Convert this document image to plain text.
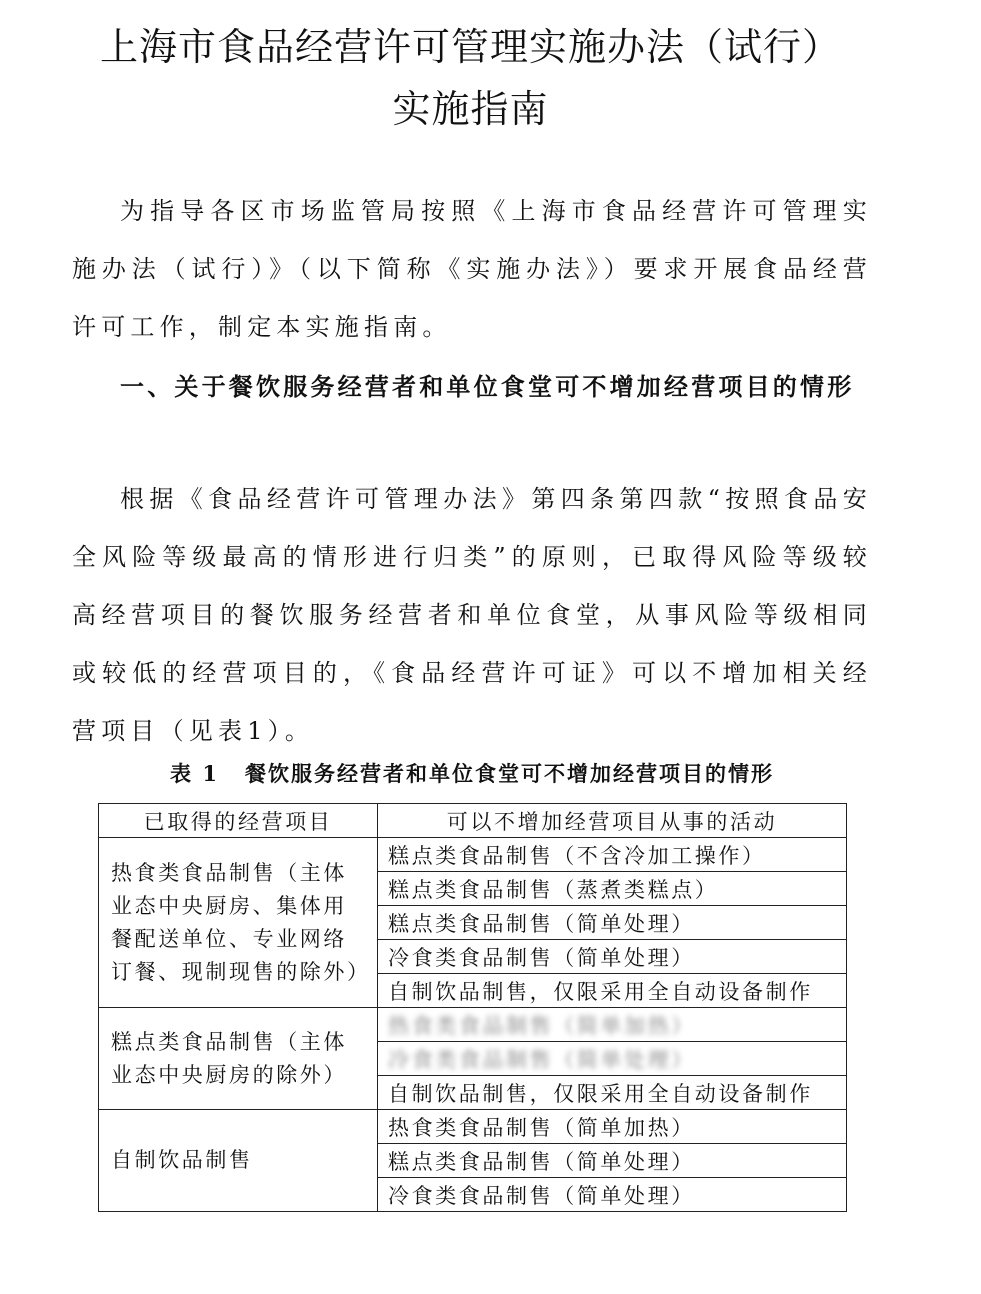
上海市食品经营许可管理实施办法（试行）
实施指南

为指导各区市场监管局按照《上海市食品经营许可管理实施办法（试行）》（以下简称《实施办法》）要求开展食品经营许可工作，制定本实施指南。

一、关于餐饮服务经营者和单位食堂可不增加经营项目的情形

根据《食品经营许可管理办法》第四条第四款“按照食品安全风险等级最高的情形进行归类”的原则，已取得风险等级较高经营项目的餐饮服务经营者和单位食堂，从事风险等级相同或较低的经营项目的，《食品经营许可证》可以不增加相关经营项目（见表1）。

表 1 餐饮服务经营者和单位食堂可不增加经营项目的情形
已取得的经营项目	可以不增加经营项目从事的活动
热食类食品制售（主体业态中央厨房、集体用餐配送单位、专业网络订餐、现制现售的除外）	糕点类食品制售（不含冷加工操作）
	糕点类食品制售（蒸煮类糕点）
	糕点类食品制售（简单处理）
	冷食类食品制售（简单处理）
	自制饮品制售，仅限采用全自动设备制作
糕点类食品制售（主体业态中央厨房的除外）	热食类食品制售（简单加热）
	冷食类食品制售（简单处理）
	自制饮品制售，仅限采用全自动设备制作
自制饮品制售	热食类食品制售（简单加热）
	糕点类食品制售（简单处理）
	冷食类食品制售（简单处理）
